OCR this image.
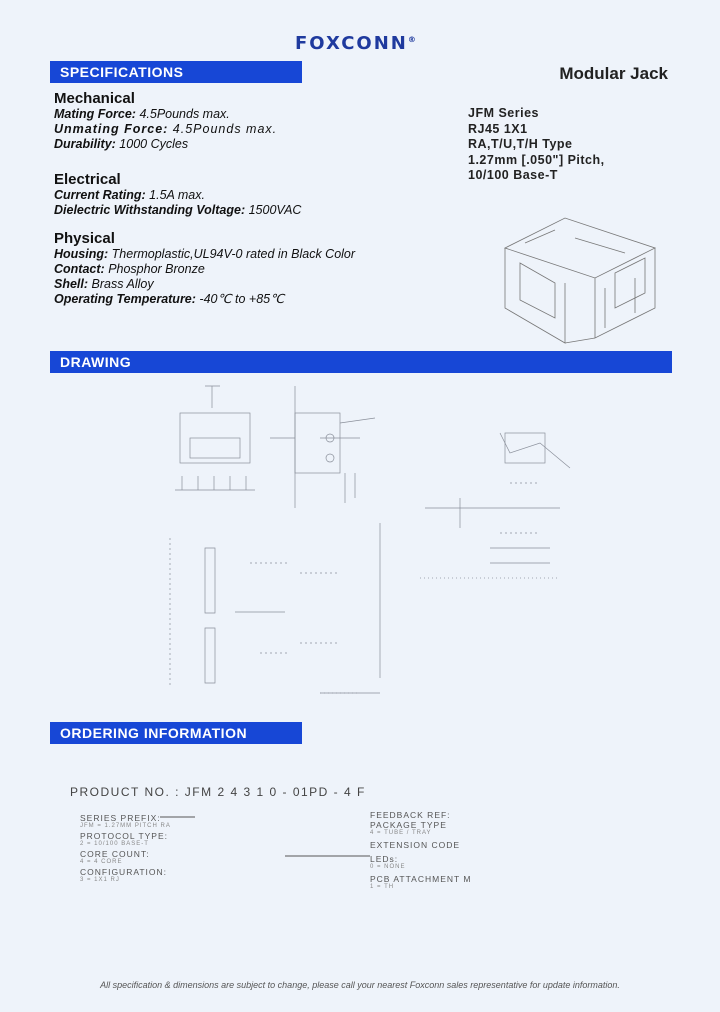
FOXCONN®
SPECIFICATIONS	Modular Jack
Mechanical
Mating Force: 4.5Pounds max.
Unmating Force: 4.5Pounds max.
Durability: 1000 Cycles
Electrical
Current Rating: 1.5A max.
Dielectric Withstanding Voltage: 1500VAC
Physical
Housing: Thermoplastic,UL94V-0 rated in Black Color
Contact: Phosphor Bronze
Shell: Brass Alloy
Operating Temperature: -40℃ to +85℃
JFM Series
RJ45 1X1
RA,T/U,T/H Type
1.27mm [.050"] Pitch,
10/100 Base-T
DRAWING
ORDERING INFORMATION
PRODUCT NO. : JFM 2 4 3 1 0 - 01PD - 4 F
SERIES PREFIX:
JFM = 1.27MM PITCH RA
PROTOCOL TYPE:
2 = 10/100 BASE-T
CORE COUNT:
4 = 4 CORE
CONFIGURATION:
3 = 1X1 RJ
FEEDBACK REF:
PACKAGE TYPE
4 = TUBE / TRAY
EXTENSION CODE
LEDs:
0 = NONE
PCB ATTACHMENT M
1 = TH
All specification & dimensions are subject to change, please call your nearest Foxconn sales representative for update information.
